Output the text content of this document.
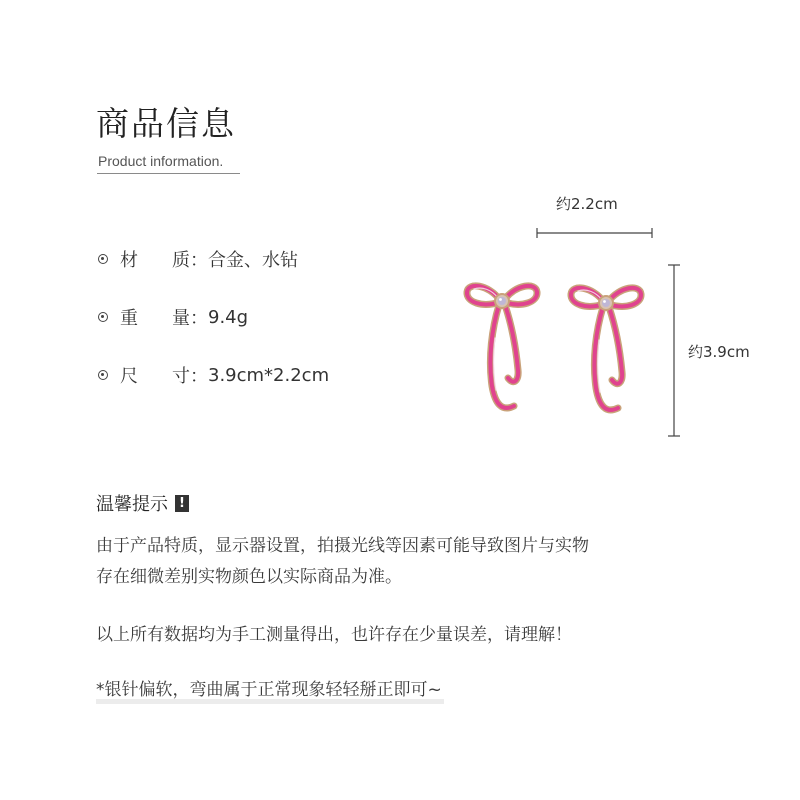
商品信息
Product information.
材	质： 合金、水钻
重	量： 9.4g
尺	寸： 3.9cm*2.2cm
约2.2cm
约3.9cm
温馨提示 !
由于产品特质，显示器设置，拍摄光线等因素可能导致图片与实物
存在细微差别实物颜色以实际商品为准。
以上所有数据均为手工测量得出，也许存在少量误差，请理解！
*银针偏软，弯曲属于正常现象轻轻掰正即可~
